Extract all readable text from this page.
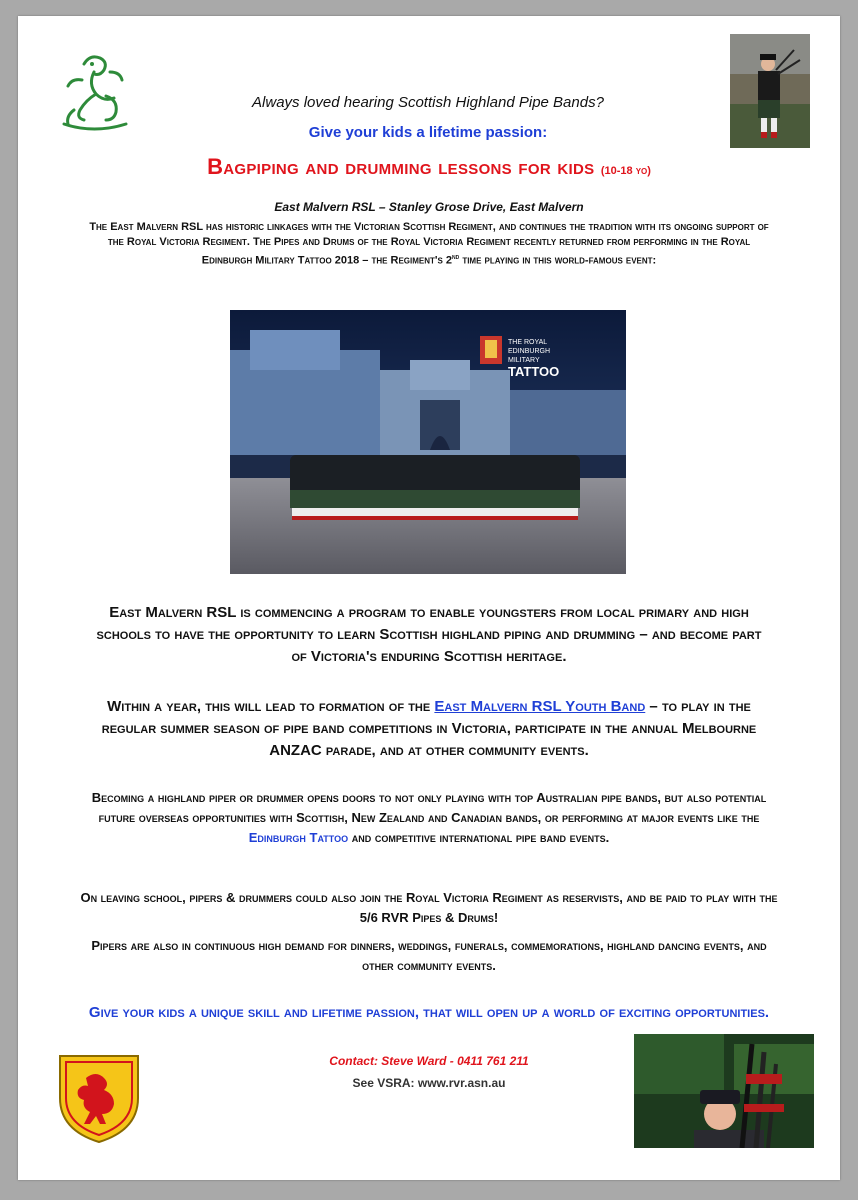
Always loved hearing Scottish Highland Pipe Bands?
Give your kids a lifetime passion:
Bagpiping and drumming lessons for kids (10-18 yo)
East Malvern RSL – Stanley Grose Drive, East Malvern
The East Malvern RSL has historic linkages with the Victorian Scottish Regiment, and continues the tradition with its ongoing support of the Royal Victoria Regiment. The Pipes and Drums of the Royal Victoria Regiment recently returned from performing in the Royal Edinburgh Military Tattoo 2018 – the Regiment's 2nd time playing in this world-famous event:
THE ROYAL
EDINBURGH
MILITARY
TATTOO
East Malvern RSL is commencing a program to enable youngsters from local primary and high schools to have the opportunity to learn Scottish highland piping and drumming – and become part of Victoria's enduring Scottish heritage.
Within a year, this will lead to formation of the East Malvern RSL Youth Band – to play in the regular summer season of pipe band competitions in Victoria, participate in the annual Melbourne ANZAC parade, and at other community events.
Becoming a highland piper or drummer opens doors to not only playing with top Australian pipe bands, but also potential future overseas opportunities with Scottish, New Zealand and Canadian bands, or performing at major events like the Edinburgh Tattoo and competitive international pipe band events.
On leaving school, pipers & drummers could also join the Royal Victoria Regiment as reservists, and be paid to play with the 5/6 RVR Pipes & Drums!
Pipers are also in continuous high demand for dinners, weddings, funerals, commemorations, highland dancing events, and other community events.
Give your kids a unique skill and lifetime passion, that will open up a world of exciting opportunities.
Contact: Steve Ward - 0411 761 211
See VSRA: www.rvr.asn.au
